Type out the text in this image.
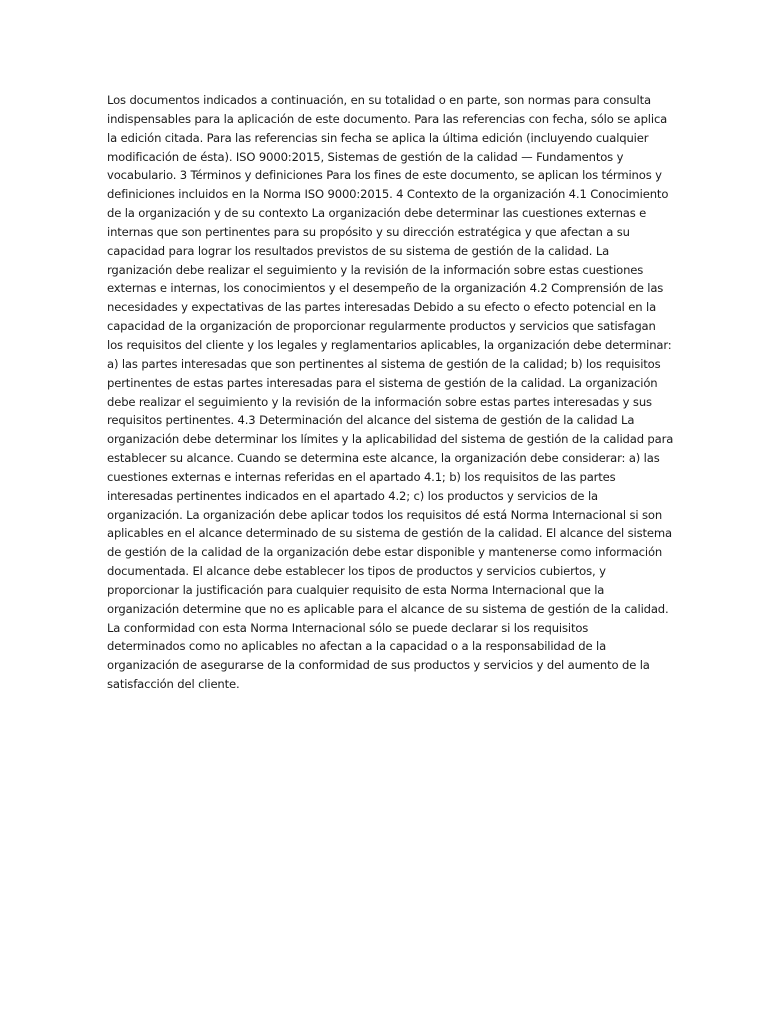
Los documentos indicados a continuación, en su totalidad o en parte, son normas para consulta
indispensables para la aplicación de este documento. Para las referencias con fecha, sólo se aplica
la edición citada. Para las referencias sin fecha se aplica la última edición (incluyendo cualquier
modificación de ésta). ISO 9000:2015, Sistemas de gestión de la calidad — Fundamentos y
vocabulario. 3 Términos y definiciones Para los fines de este documento, se aplican los términos y
definiciones incluidos en la Norma ISO 9000:2015. 4 Contexto de la organización 4.1 Conocimiento
de la organización y de su contexto La organización debe determinar las cuestiones externas e
internas que son pertinentes para su propósito y su dirección estratégica y que afectan a su
capacidad para lograr los resultados previstos de su sistema de gestión de la calidad. La
rganización debe realizar el seguimiento y la revisión de la información sobre estas cuestiones
externas e internas, los conocimientos y el desempeño de la organización 4.2 Comprensión de las
necesidades y expectativas de las partes interesadas Debido a su efecto o efecto potencial en la
capacidad de la organización de proporcionar regularmente productos y servicios que satisfagan
los requisitos del cliente y los legales y reglamentarios aplicables, la organización debe determinar:
a) las partes interesadas que son pertinentes al sistema de gestión de la calidad; b) los requisitos
pertinentes de estas partes interesadas para el sistema de gestión de la calidad. La organización
debe realizar el seguimiento y la revisión de la información sobre estas partes interesadas y sus
requisitos pertinentes. 4.3 Determinación del alcance del sistema de gestión de la calidad La
organización debe determinar los límites y la aplicabilidad del sistema de gestión de la calidad para
establecer su alcance. Cuando se determina este alcance, la organización debe considerar: a) las
cuestiones externas e internas referidas en el apartado 4.1; b) los requisitos de las partes
interesadas pertinentes indicados en el apartado 4.2; c) los productos y servicios de la
organización. La organización debe aplicar todos los requisitos dé está Norma Internacional si son
aplicables en el alcance determinado de su sistema de gestión de la calidad. El alcance del sistema
de gestión de la calidad de la organización debe estar disponible y mantenerse como información
documentada. El alcance debe establecer los tipos de productos y servicios cubiertos, y
proporcionar la justificación para cualquier requisito de esta Norma Internacional que la
organización determine que no es aplicable para el alcance de su sistema de gestión de la calidad.
La conformidad con esta Norma Internacional sólo se puede declarar si los requisitos
determinados como no aplicables no afectan a la capacidad o a la responsabilidad de la
organización de asegurarse de la conformidad de sus productos y servicios y del aumento de la
satisfacción del cliente.
